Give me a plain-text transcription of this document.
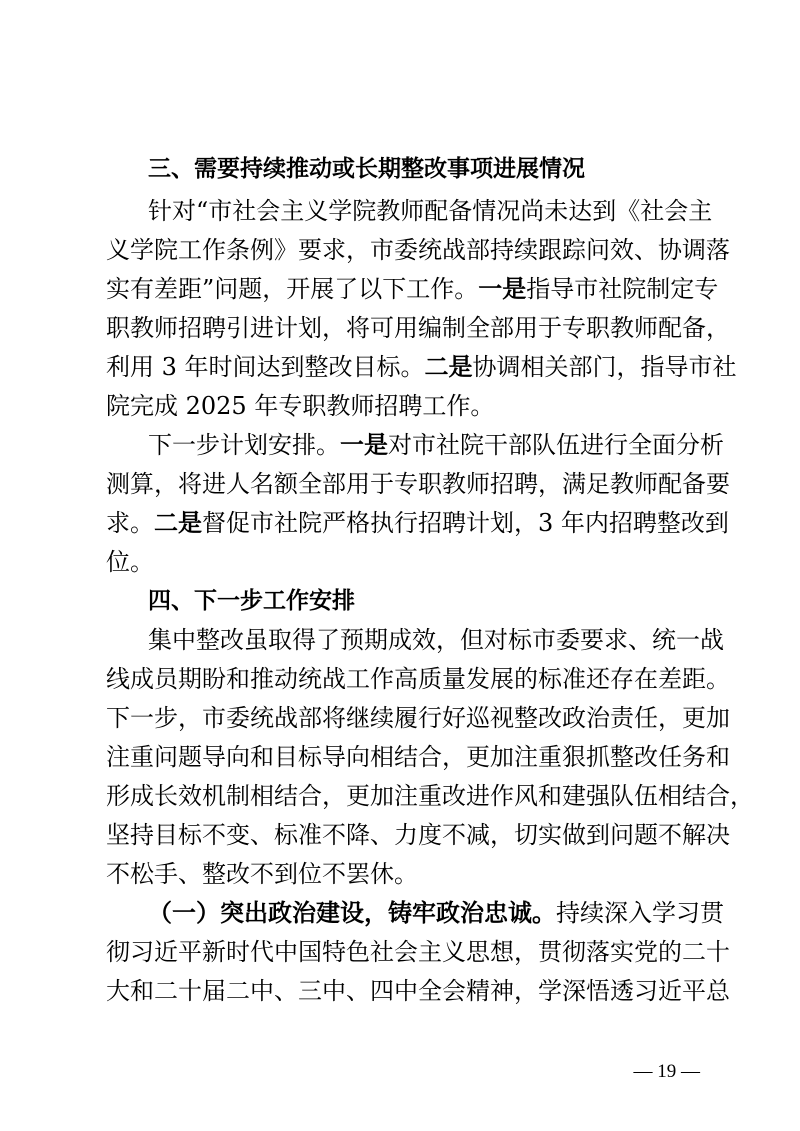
三、需要持续推动或长期整改事项进展情况
针对“市社会主义学院教师配备情况尚未达到《社会主
义学院工作条例》要求，市委统战部持续跟踪问效、协调落
实有差距”问题，开展了以下工作。一是指导市社院制定专
职教师招聘引进计划，将可用编制全部用于专职教师配备，
利用 3 年时间达到整改目标。二是协调相关部门，指导市社
院完成 2025 年专职教师招聘工作。
下一步计划安排。一是对市社院干部队伍进行全面分析
测算，将进人名额全部用于专职教师招聘，满足教师配备要
求。二是督促市社院严格执行招聘计划，3 年内招聘整改到
位。
四、下一步工作安排
集中整改虽取得了预期成效，但对标市委要求、统一战
线成员期盼和推动统战工作高质量发展的标准还存在差距。
下一步，市委统战部将继续履行好巡视整改政治责任，更加
注重问题导向和目标导向相结合，更加注重狠抓整改任务和
形成长效机制相结合，更加注重改进作风和建强队伍相结合，
坚持目标不变、标准不降、力度不减，切实做到问题不解决
不松手、整改不到位不罢休。
（一）突出政治建设，铸牢政治忠诚。持续深入学习贯
彻习近平新时代中国特色社会主义思想，贯彻落实党的二十
大和二十届二中、三中、四中全会精神，学深悟透习近平总
— 19 —
